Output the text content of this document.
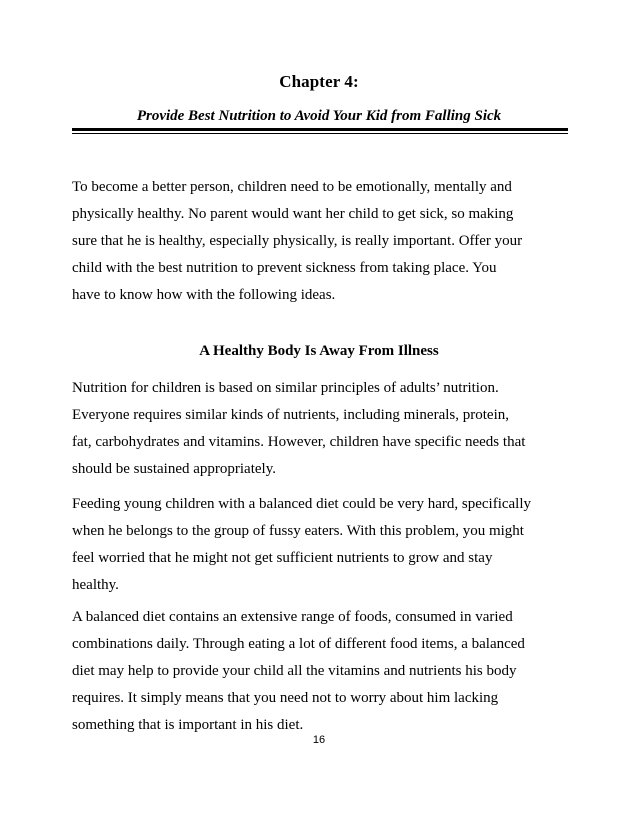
Chapter 4:
Provide Best Nutrition to Avoid Your Kid from Falling Sick

To become a better person, children need to be emotionally, mentally and
physically healthy. No parent would want her child to get sick, so making
sure that he is healthy, especially physically, is really important. Offer your
child with the best nutrition to prevent sickness from taking place. You
have to know how with the following ideas.

A Healthy Body Is Away From Illness

Nutrition for children is based on similar principles of adults’ nutrition.
Everyone requires similar kinds of nutrients, including minerals, protein,
fat, carbohydrates and vitamins. However, children have specific needs that
should be sustained appropriately.

Feeding young children with a balanced diet could be very hard, specifically
when he belongs to the group of fussy eaters. With this problem, you might
feel worried that he might not get sufficient nutrients to grow and stay
healthy.

A balanced diet contains an extensive range of foods, consumed in varied
combinations daily. Through eating a lot of different food items, a balanced
diet may help to provide your child all the vitamins and nutrients his body
requires. It simply means that you need not to worry about him lacking
something that is important in his diet.

16
